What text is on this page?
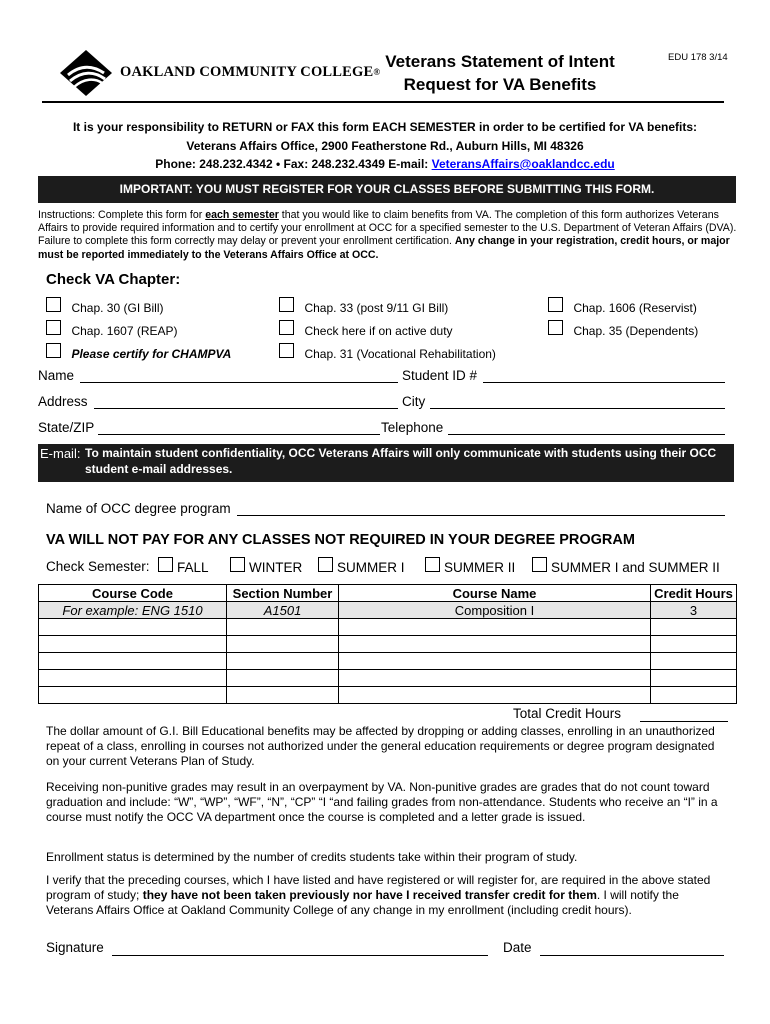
OAKLAND COMMUNITY COLLEGE®
Veterans Statement of Intent
Request for VA Benefits
EDU 178 3/14
It is your responsibility to RETURN or FAX this form EACH SEMESTER in order to be certified for VA benefits:
Veterans Affairs Office, 2900 Featherstone Rd., Auburn Hills, MI 48326
Phone: 248.232.4342 • Fax: 248.232.4349 E-mail: VeteransAffairs@oaklandcc.edu
IMPORTANT: YOU MUST REGISTER FOR YOUR CLASSES BEFORE SUBMITTING THIS FORM.
Instructions: Complete this form for each semester that you would like to claim benefits from VA. The completion of this form authorizes Veterans Affairs to provide required information and to certify your enrollment at OCC for a specified semester to the U.S. Department of Veteran Affairs (DVA). Failure to complete this form correctly may delay or prevent your enrollment certification. Any change in your registration, credit hours, or major must be reported immediately to the Veterans Affairs Office at OCC.
Check VA Chapter:
Chap. 30 (GI Bill)	Chap. 33 (post 9/11 GI Bill)	Chap. 1606 (Reservist)
Chap. 1607 (REAP)	Check here if on active duty	Chap. 35 (Dependents)
Please certify for CHAMPVA	Chap. 31 (Vocational Rehabilitation)
Name	Student ID #
Address	City
State/ZIP	Telephone
E-mail: To maintain student confidentiality, OCC Veterans Affairs will only communicate with students using their OCC student e-mail addresses.
Name of OCC degree program
VA WILL NOT PAY FOR ANY CLASSES NOT REQUIRED IN YOUR DEGREE PROGRAM
Check Semester:	FALL	WINTER	SUMMER I	SUMMER II	SUMMER I and SUMMER II
Course Code	Section Number	Course Name	Credit Hours
For example: ENG 1510	A1501	Composition I	3

Total Credit Hours
The dollar amount of G.I. Bill Educational benefits may be affected by dropping or adding classes, enrolling in an unauthorized repeat of a class, enrolling in courses not authorized under the general education requirements or degree program designated on your current Veterans Plan of Study.
Receiving non-punitive grades may result in an overpayment by VA. Non-punitive grades are grades that do not count toward graduation and include: “W”, “WP”, “WF”, “N”, “CP” “I “and failing grades from non-attendance. Students who receive an “I” in a course must notify the OCC VA department once the course is completed and a letter grade is issued.
Enrollment status is determined by the number of credits students take within their program of study.
I verify that the preceding courses, which I have listed and have registered or will register for, are required in the above stated program of study; they have not been taken previously nor have I received transfer credit for them. I will notify the Veterans Affairs Office at Oakland Community College of any change in my enrollment (including credit hours).
Signature	Date
